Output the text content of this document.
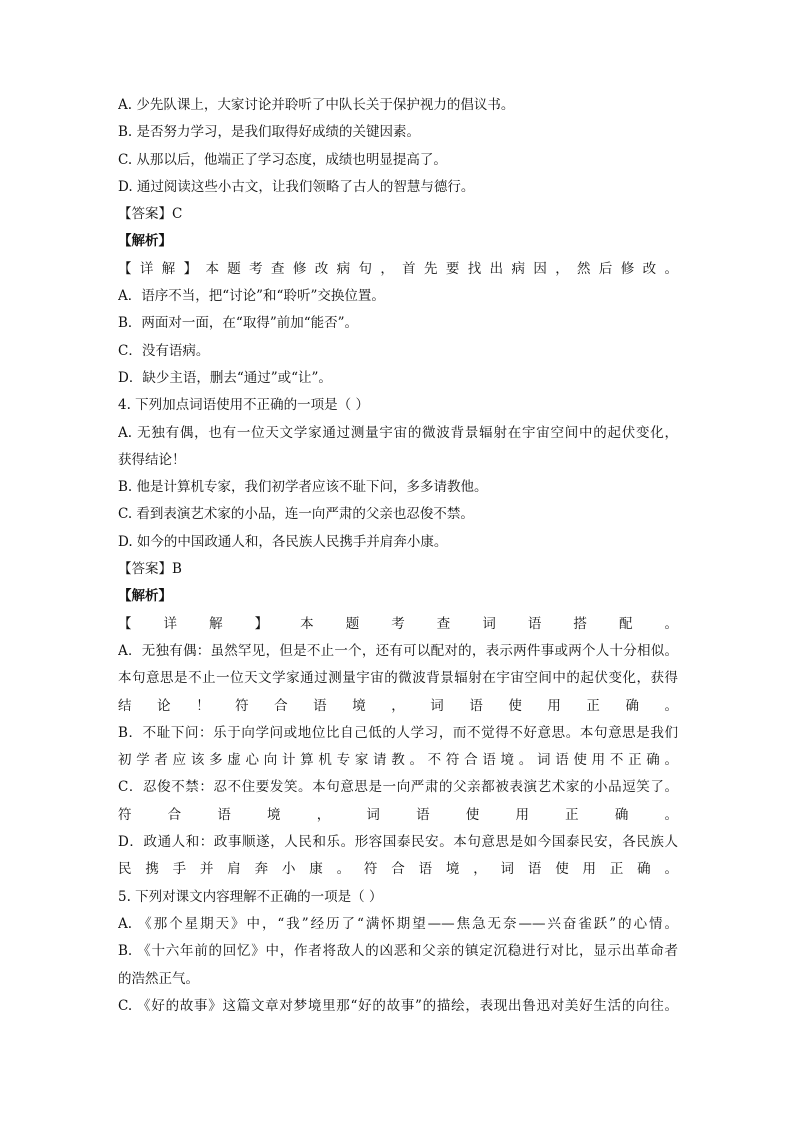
A. 少先队课上，大家讨论并聆听了中队长关于保护视力的倡议书。
B. 是否努力学习，是我们取得好成绩的关键因素。
C. 从那以后，他端正了学习态度，成绩也明显提高了。
D. 通过阅读这些小古文，让我们领略了古人的智慧与德行。
【答案】C
【解析】
【详解】本题考查修改病句，首先要找出病因，然后修改。
A．语序不当，把“讨论”和“聆听”交换位置。
B．两面对一面，在“取得”前加“能否”。
C．没有语病。
D．缺少主语，删去“通过”或“让”。
4. 下列加点词语使用不正确的一项是（ ）
A. 无独有偶，也有一位天文学家通过测量宇宙的微波背景辐射在宇宙空间中的起伏变化，
获得结论！
B. 他是计算机专家，我们初学者应该不耻下问，多多请教他。
C. 看到表演艺术家的小品，连一向严肃的父亲也忍俊不禁。
D. 如今的中国政通人和，各民族人民携手并肩奔小康。
【答案】B
【解析】
【详解】本题考查词语搭配。
A．无独有偶：虽然罕见，但是不止一个，还有可以配对的，表示两件事或两个人十分相似。
本句意思是不止一位天文学家通过测量宇宙的微波背景辐射在宇宙空间中的起伏变化，获得
结论！符合语境，词语使用正确。
B．不耻下问：乐于向学问或地位比自己低的人学习，而不觉得不好意思。本句意思是我们
初学者应该多虚心向计算机专家请教。不符合语境。词语使用不正确。
C．忍俊不禁：忍不住要发笑。本句意思是一向严肃的父亲都被表演艺术家的小品逗笑了。
符合语境，词语使用正确。
D．政通人和：政事顺遂，人民和乐。形容国泰民安。本句意思是如今国泰民安，各民族人
民携手并肩奔小康。符合语境，词语使用正确。
5. 下列对课文内容理解不正确的一项是（ ）
A. 《那个星期天》中，“我”经历了“满怀期望——焦急无奈——兴奋雀跃”的心情。
B. 《十六年前的回忆》中，作者将敌人的凶恶和父亲的镇定沉稳进行对比，显示出革命者
的浩然正气。
C. 《好的故事》这篇文章对梦境里那“好的故事”的描绘，表现出鲁迅对美好生活的向往。
